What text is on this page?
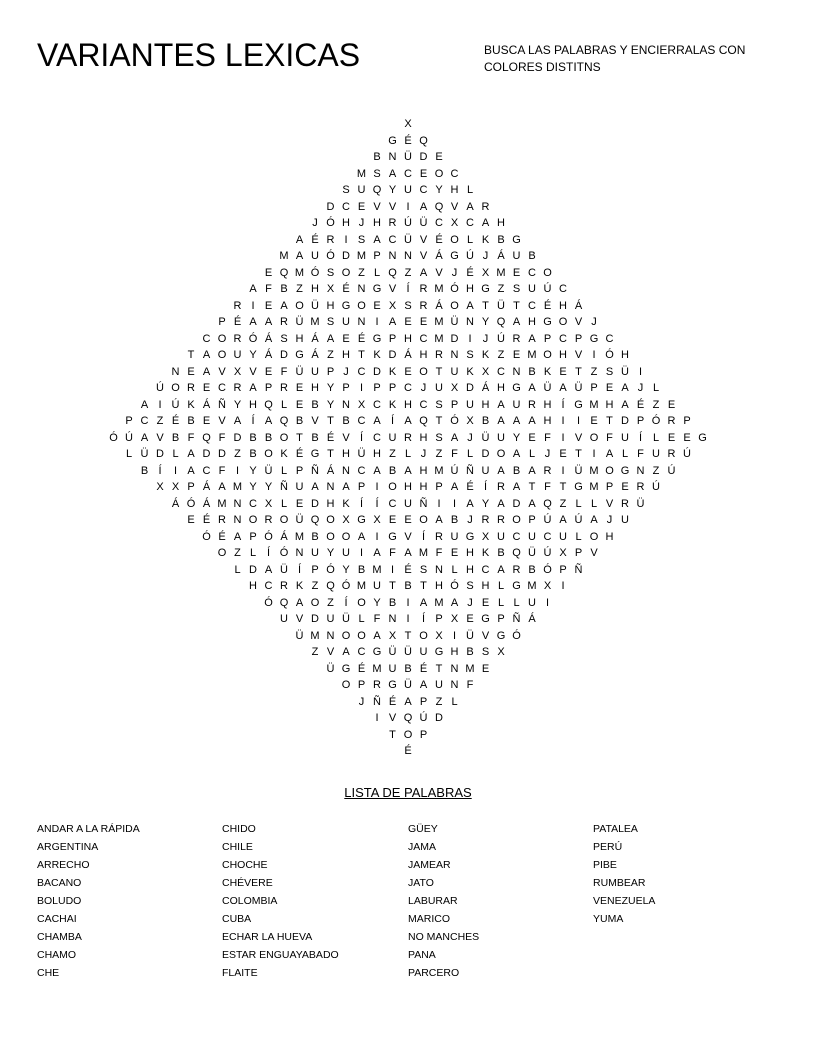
VARIANTES LEXICAS	BUSCA LAS PALABRAS Y ENCIERRALAS CON COLORES DISTITNS
X
G É Q
B N Ü D E
M S A C E O C
S U Q Y U C Y H L
D C E V V I A Q V A R
J Ó H J H R Ú Ü C X C A H
A É R I S A C Ü V É O L K B G
M A U Ó D M P N N V Á G Ú J Á U B
E Q M Ó S O Z L Q Z A V J É X M E C O
A F B Z H X É N G V Í R M Ó H G Z S U Ú C
R I E A O Ü H G O E X S R Á O A T Ü T C É H Á
P É A A R Ü M S U N I A E E M Ü N Y Q A H G O V J
C O R Ó Á S H Á A E É G P H C M D I J Ú R A P C P G C
T A O U Y Á D G Á Z H T K D Á H R N S K Z E M O H V I Ó H
N E A V X V E F Ü U P J C D K E O T U K X C N B K E T Z S Ü I
Ú O R E C R A P R E H Y P I P P C J U X D Á H G A Ü A Ü P E A J L
A I Ú K Á Ñ Y H Q L E B Y N X C K H C S P U H A U R H Í G M H A É Z E
P C Z É B E V A Í A Q B V T B C A Í A Q T Ó X B A A A H I I E T D P Ó R P
Ó Ú A V B F Q F D B B O T B É V Í C U R H S A J Ü U Y E F I V O F U Í L E E G
L Ü D L A D D Z B O K É G T H Ü H Z L J Z F L D O A L J E T I A L F U R Ú
B Í I A C F I Y Ü L P Ñ Á N C A B A H M Ú Ñ U A B A R I Ü M O G N Z Ú
X X P Á A M Y Y Ñ U A N A P I O H H P A É Í R A T F T G M P E R Ú
Á Ó Á M N C X L E D H K Í Í C U Ñ I I A Y A D A Q Z L L V R Ü
E É R N O R O Ü Q O X G X E E O A B J R R O P Ú A Ú A J U
Ó É A P Ó Á M B O O A I G V Í R U G X U C U C U L O H
O Z L Í Ó N U Y U I A F A M F E H K B Q Ü Ú X P V
L D A Ü Í P Ó Y B M I É S N L H C A R B Ó P Ñ
H C R K Z Q Ó M U T B T H Ó S H L G M X I
Ó Q A O Z Í O Y B I A M A J E L L U I
U V D U Ü L F N I Í P X E G P Ñ Á
Ü M N O O A X T O X I Ü V G Ó
Z V A C G Ü Ü U G H B S X
Ü G É M U B É T N M E
O P R G Ü A U N F
J Ñ É A P Z L
I V Q Ú D
T O P
É
LISTA DE PALABRAS
ANDAR A LA RÁPIDA
ARGENTINA
ARRECHO
BACANO
BOLUDO
CACHAI
CHAMBA
CHAMO
CHE
CHIDO
CHILE
CHOCHE
CHÉVERE
COLOMBIA
CUBA
ECHAR LA HUEVA
ESTAR ENGUAYABADO
FLAITE
GÜEY
JAMA
JAMEAR
JATO
LABURAR
MARICO
NO MANCHES
PANA
PARCERO
PATALEA
PERÚ
PIBE
RUMBEAR
VENEZUELA
YUMA
